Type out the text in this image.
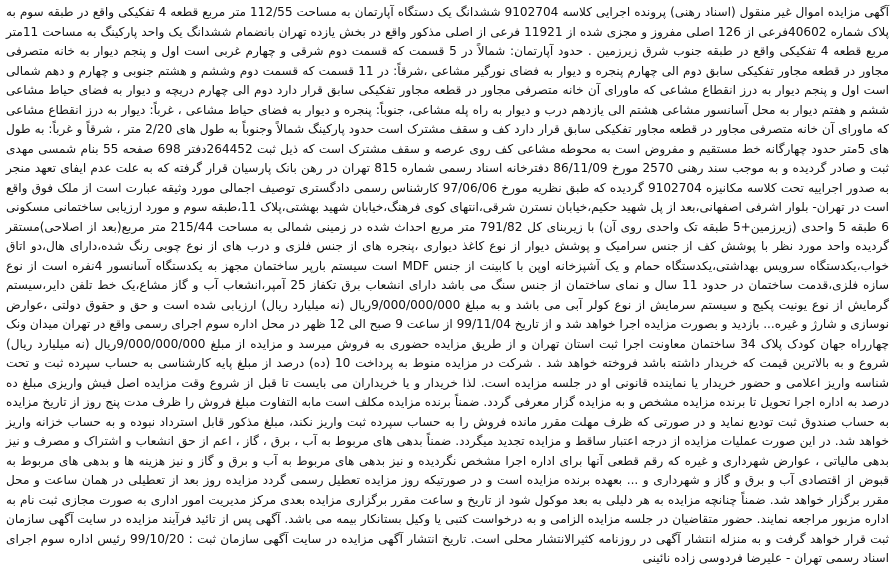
آگهی مزایده اموال غیر منقول (اسناد رهنی) پرونده اجرایی کلاسه 9102704 ششدانگ یک دستگاه آپارتمان به مساحت 112/55 متر مربع قطعه 4 تفکیکی واقع در طبقه سوم به پلاک شماره 40602فرعی از 126 اصلی مفروز و مجزی شده از 11921 فرعی از اصلی مذکور واقع در بخش یازده تهران بانضمام ششدانگ یک واحد پارکینگ به مساحت 11متر مربع قطعه 4 تفکیکی واقع در طبقه جنوب شرق زیرزمین . حدود آپارتمان: شمالاً در 5 قسمت که قسمت دوم شرقی و چهارم غربی است اول و پنجم دیوار به خانه متصرفی مجاور در قطعه مجاور تفکیکی سابق دوم الی چهارم پنجره و دیوار به فضای نورگیر مشاعی ،شرقاً: در 11 قسمت که قسمت دوم وششم و هشتم جنوبی و چهارم و دهم شمالی است اول و پنجم دیوار به درز انقطاع مشاعی که ماورای آن خانه متصرفی مجاور در قطعه مجاور تفکیکی سابق قرار دارد دوم الی چهارم دریچه و دیوار به فضای حیاط مشاعی ششم و هفتم دیوار به محل آسانسور مشاعی هشتم الی یازدهم درب و دیوار به راه پله مشاعی، جنوباً: پنجره و دیوار به فضای حیاط مشاعی ، غرباً: دیوار به درز انقطاع مشاعی که ماورای آن خانه متصرفی مجاور در قطعه مجاور تفکیکی سابق قرار دارد کف و سقف مشترک است حدود پارکینگ شمالاً وجنوباً به طول های 2/20 متر ، شرقاً و غرباً: به طول های 5متر حدود چهارگانه خط مستقیم و مفروض است به محوطه مشاعی کف روی عرصه و سقف مشترک است که ذیل ثبت 264452دفتر 698 صفحه 55 بنام شمسی مهدی ثبت و صادر گردیده و به موجب سند رهنی 2570 مورخ 86/11/09 دفترخانه اسناد رسمی شماره 815 تهران در رهن بانک پارسیان قرار گرفته که به علت عدم ایفای تعهد منجر به صدور اجراییه تحت کلاسه مکانیزه 9102704 گردیده که طبق نظریه مورخ 97/06/06 کارشناس رسمی دادگستری توصیف اجمالی مورد وثیقه عبارت است از ملک فوق واقع است در تهران- بلوار اشرفی اصفهانی،بعد از پل شهید حکیم،خیابان نسترن شرقی،انتهای کوی فرهنگ،خیابان شهید بهشتی،پلاک 11،طبقه سوم و مورد ارزیابی ساختمانی مسکونی 6 طبقه 5 واحدی (زیرزمین+5 طبقه تک واحدی روی آن) با زیربنای کل 791/82 متر مربع احداث شده در زمینی شمالی به مساحت 215/44 متر مربع(بعد از اصلاحی)مستقر گردیده واحد مورد نظر با پوشش کف از جنس سرامیک و پوشش دیوار از نوع کاغذ دیواری ،پنجره های از جنس فلزی و درب های از نوع چوبی رنگ شده،دارای هال،دو اتاق خواب،یکدستگاه سرویس بهداشتی،یکدستگاه حمام و یک آشپزخانه اوپن با کابینت از جنس MDF است سیستم بارپر ساختمان مجهز به یکدستگاه آسانسور 4نفره است از نوع سازه فلزی،قدمت ساختمان در حدود 11 سال و نمای ساختمان از جنس سنگ می باشد دارای انشعاب برق تکفاز 25 آمپر،انشعاب آب و گاز مشاع،یک خط تلفن دایر،سیستم گرمایش از نوع یونیت پکیج و سیستم سرمایش از نوع کولر آبی می باشد و به مبلغ 9/000/000/000ریال (نه میلیارد ریال) ارزیابی شده است و حق و حقوق دولتی ،عوارض نوسازی و شارژ و غیره... بازدید و بصورت مزایده اجرا خواهد شد و از تاریخ 99/11/04 از ساعت 9 صبح الی 12 ظهر در محل اداره سوم اجرای رسمی واقع در تهران میدان ونک چهارراه جهان کودک پلاک 34 ساختمان معاونت اجرا ثبت استان تهران و از طریق مزایده حضوری به فروش میرسد و مزایده از مبلغ 9/000/000/000ریال (نه میلیارد ریال) شروع و به بالاترین قیمت که خریدار داشته باشد فروخته خواهد شد . شرکت در مزایده منوط به پرداخت 10 (ده) درصد از مبلغ پایه کارشناسی به حساب سپرده ثبت و تحت شناسه واریز اعلامی و حضور خریدار یا نماینده قانونی او در جلسه مزایده است. لذا خریدار و یا خریداران می بایست تا قبل از شروع وقت مزایده اصل فیش واریزی مبلغ ده درصد به اداره اجرا تحویل تا برنده مزایده مشخص و به مزایده گزار معرفی گردد. ضمناً برنده مزایده مکلف است مابه التفاوت مبلغ فروش را ظرف مدت پنج روز از تاریخ مزایده به حساب صندوق ثبت تودیع نماید و در صورتی که ظرف مهلت مقرر مانده فروش را به حساب سپرده ثبت واریز نکند، مبلغ مذکور قابل استرداد نبوده و به حساب خزانه واریز خواهد شد. در این صورت عملیات مزایده از درجه اعتبار ساقط و مزایده تجدید میگردد. ضمناً بدهی های مربوط به آب ، برق ، گاز ، اعم از حق انشعاب و اشتراک و مصرف و نیز بدهی مالیاتی ، عوارض شهرداری و غیره که رقم قطعی آنها برای اداره اجرا مشخص نگردیده و نیز بدهی های مربوط به آب و برق و گاز و نیز هزینه ها و بدهی های مربوط به قبوض از اقتصادی آب و برق و گاز و شهرداری و ... بعهده برنده مزایده است و در صورتیکه روز مزایده تعطیل رسمی گردد مزایده روز بعد از تعطیلی در همان ساعت و محل مقرر برگزار خواهد شد. ضمناً چنانچه مزایده به هر دلیلی به بعد موکول شود از تاریخ و ساعت مقرر برگزاری مزایده بعدی مرکز مدیریت امور اداری به صورت مجازی ثبت نام به اداره مزبور مراجعه نمایند. حضور متقاضیان در جلسه مزایده الزامی و به درخواست کتبی یا وکیل بستانکار بیمه می باشد. آگهی پس از تائید فرآیند مزایده در سایت آگهی سازمان ثبت قرار خواهد گرفت و به منزله انتشار آگهی در روزنامه کثیرالانتشار محلی است. تاریخ انتشار آگهی مزایده در سایت آگهی سازمان ثبت : 99/10/20 رئیس اداره سوم اجرای اسناد رسمی تهران - علیرضا فردوسی زاده نائینی
